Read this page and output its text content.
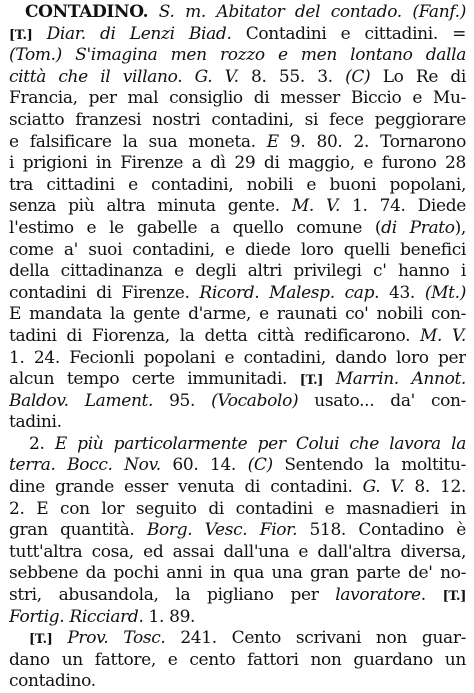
CONTADINO. S. m. Abitator del contado. (Fanf.)
[T.] Diar. di Lenzi Biad. Contadini e cittadini. =
(Tom.) S'imagina men rozzo e men lontano dalla
città che il villano. G. V. 8. 55. 3. (C) Lo Re di
Francia, per mal consiglio di messer Biccio e Mu-
sciatto franzesi nostri contadini, si fece peggiorare
e falsificare la sua moneta. E 9. 80. 2. Tornarono
i prigioni in Firenze a dì 29 di maggio, e furono 28
tra cittadini e contadini, nobili e buoni popolani,
senza più altra minuta gente. M. V. 1. 74. Diede
l'estimo e le gabelle a quello comune (di Prato),
come a' suoi contadini, e diede loro quelli benefici
della cittadinanza e degli altri privilegi c' hanno i
contadini di Firenze. Ricord. Malesp. cap. 43. (Mt.)
E mandata la gente d'arme, e raunati co' nobili con-
tadini di Fiorenza, la detta città redificarono. M. V.
1. 24. Fecionli popolani e contadini, dando loro per
alcun tempo certe immunitadi. [T.] Marrin. Annot.
Baldov. Lament. 95. (Vocabolo) usato... da' con-
tadini.
2. E più particolarmente per Colui che lavora la
terra. Bocc. Nov. 60. 14. (C) Sentendo la moltitu-
dine grande esser venuta di contadini. G. V. 8. 12.
2. E con lor seguito di contadini e masnadieri in
gran quantità. Borg. Vesc. Fior. 518. Contadino è
tutt'altra cosa, ed assai dall'una e dall'altra diversa,
sebbene da pochi anni in qua una gran parte de' no-
stri, abusandola, la pigliano per lavoratore. [T.]
Fortig. Ricciard. 1. 89.
[T.] Prov. Tosc. 241. Cento scrivani non guar-
dano un fattore, e cento fattori non guardano un
contadino.
